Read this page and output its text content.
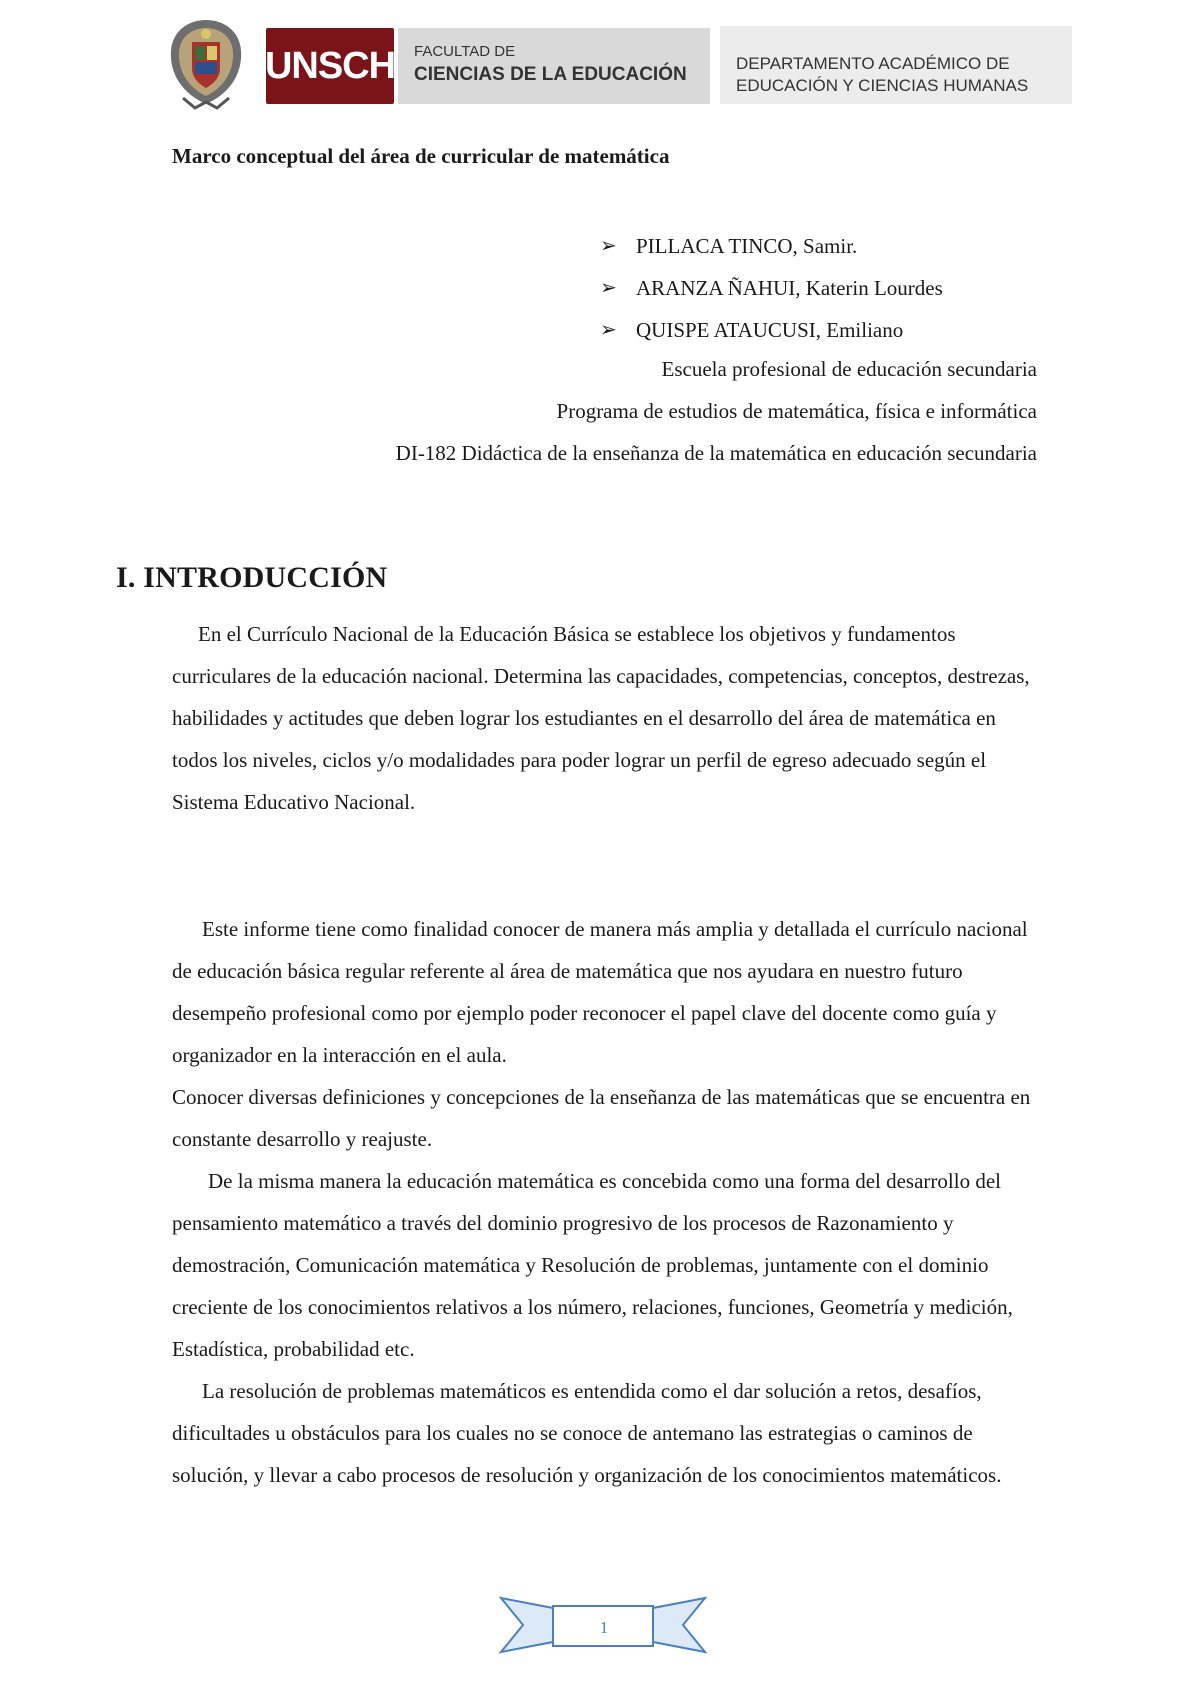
UNSCH FACULTAD DE
CIENCIAS DE LA EDUCACIÓN
DEPARTAMENTO ACADÉMICO DE
EDUCACIÓN Y CIENCIAS HUMANAS
Marco conceptual del área de curricular de matemática
➢ PILLACA TINCO, Samir.
➢ ARANZA ÑAHUI, Katerin Lourdes
➢ QUISPE ATAUCUSI, Emiliano
Escuela profesional de educación secundaria
Programa de estudios de matemática, física e informática
DI-182 Didáctica de la enseñanza de la matemática en educación secundaria
I. INTRODUCCIÓN

En el Currículo Nacional de la Educación Básica se establece los objetivos y fundamentos curriculares de la educación nacional. Determina las capacidades, competencias, conceptos, destrezas, habilidades y actitudes que deben lograr los estudiantes en el desarrollo del área de matemática en todos los niveles, ciclos y/o modalidades para poder lograr un perfil de egreso adecuado según el Sistema Educativo Nacional.

Este informe tiene como finalidad conocer de manera más amplia y detallada el currículo nacional de educación básica regular referente al área de matemática que nos ayudara en nuestro futuro desempeño profesional como por ejemplo poder reconocer el papel clave del docente como guía y organizador en la interacción en el aula.
Conocer diversas definiciones y concepciones de la enseñanza de las matemáticas que se encuentra en constante desarrollo y reajuste.
De la misma manera la educación matemática es concebida como una forma del desarrollo del pensamiento matemático a través del dominio progresivo de los procesos de Razonamiento y demostración, Comunicación matemática y Resolución de problemas, juntamente con el dominio creciente de los conocimientos relativos a los número, relaciones, funciones, Geometría y medición, Estadística, probabilidad etc.
La resolución de problemas matemáticos es entendida como el dar solución a retos, desafíos, dificultades u obstáculos para los cuales no se conoce de antemano las estrategias o caminos de solución, y llevar a cabo procesos de resolución y organización de los conocimientos matemáticos.

1
